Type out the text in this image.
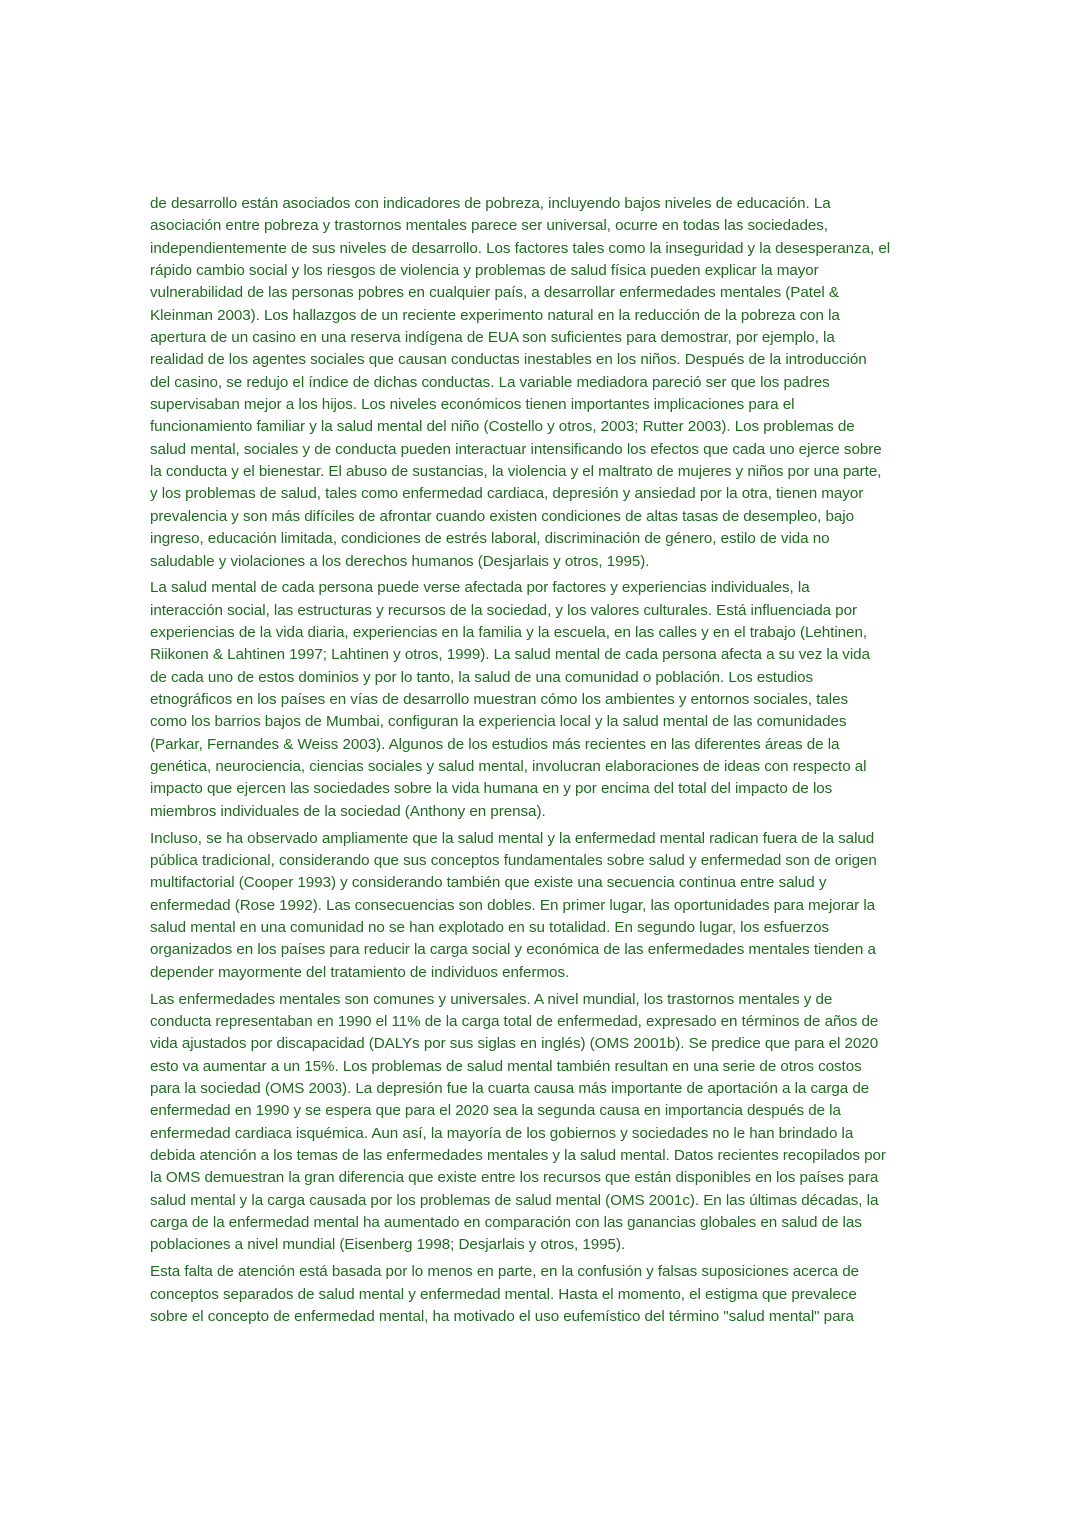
de desarrollo están asociados con indicadores de pobreza, incluyendo bajos niveles de educación. La
asociación entre pobreza y trastornos mentales parece ser universal, ocurre en todas las sociedades,
independientemente de sus niveles de desarrollo. Los factores tales como la inseguridad y la desesperanza, el
rápido cambio social y los riesgos de violencia y problemas de salud física pueden explicar la mayor
vulnerabilidad de las personas pobres en cualquier país, a desarrollar enfermedades mentales (Patel &
Kleinman 2003). Los hallazgos de un reciente experimento natural en la reducción de la pobreza con la
apertura de un casino en una reserva indígena de EUA son suficientes para demostrar, por ejemplo, la
realidad de los agentes sociales que causan conductas inestables en los niños. Después de la introducción
del casino, se redujo el índice de dichas conductas. La variable mediadora pareció ser que los padres
supervisaban mejor a los hijos. Los niveles económicos tienen importantes implicaciones para el
funcionamiento familiar y la salud mental del niño (Costello y otros, 2003; Rutter 2003). Los problemas de
salud mental, sociales y de conducta pueden interactuar intensificando los efectos que cada uno ejerce sobre
la conducta y el bienestar. El abuso de sustancias, la violencia y el maltrato de mujeres y niños por una parte,
y los problemas de salud, tales como enfermedad cardiaca, depresión y ansiedad por la otra, tienen mayor
prevalencia y son más difíciles de afrontar cuando existen condiciones de altas tasas de desempleo, bajo
ingreso, educación limitada, condiciones de estrés laboral, discriminación de género, estilo de vida no
saludable y violaciones a los derechos humanos (Desjarlais y otros, 1995).

La salud mental de cada persona puede verse afectada por factores y experiencias individuales, la
interacción social, las estructuras y recursos de la sociedad, y los valores culturales. Está influenciada por
experiencias de la vida diaria, experiencias en la familia y la escuela, en las calles y en el trabajo (Lehtinen,
Riikonen & Lahtinen 1997; Lahtinen y otros, 1999). La salud mental de cada persona afecta a su vez la vida
de cada uno de estos dominios y por lo tanto, la salud de una comunidad o población. Los estudios
etnográficos en los países en vías de desarrollo muestran cómo los ambientes y entornos sociales, tales
como los barrios bajos de Mumbai, configuran la experiencia local y la salud mental de las comunidades
(Parkar, Fernandes & Weiss 2003). Algunos de los estudios más recientes en las diferentes áreas de la
genética, neurociencia, ciencias sociales y salud mental, involucran elaboraciones de ideas con respecto al
impacto que ejercen las sociedades sobre la vida humana en y por encima del total del impacto de los
miembros individuales de la sociedad (Anthony en prensa).

Incluso, se ha observado ampliamente que la salud mental y la enfermedad mental radican fuera de la salud
pública tradicional, considerando que sus conceptos fundamentales sobre salud y enfermedad son de origen
multifactorial (Cooper 1993) y considerando también que existe una secuencia continua entre salud y
enfermedad (Rose 1992). Las consecuencias son dobles. En primer lugar, las oportunidades para mejorar la
salud mental en una comunidad no se han explotado en su totalidad. En segundo lugar, los esfuerzos
organizados en los países para reducir la carga social y económica de las enfermedades mentales tienden a
depender mayormente del tratamiento de individuos enfermos.

Las enfermedades mentales son comunes y universales. A nivel mundial, los trastornos mentales y de
conducta representaban en 1990 el 11% de la carga total de enfermedad, expresado en términos de años de
vida ajustados por discapacidad (DALYs por sus siglas en inglés) (OMS 2001b). Se predice que para el 2020
esto va aumentar a un 15%. Los problemas de salud mental también resultan en una serie de otros costos
para la sociedad (OMS 2003). La depresión fue la cuarta causa más importante de aportación a la carga de
enfermedad en 1990 y se espera que para el 2020 sea la segunda causa en importancia después de la
enfermedad cardiaca isquémica. Aun así, la mayoría de los gobiernos y sociedades no le han brindado la
debida atención a los temas de las enfermedades mentales y la salud mental. Datos recientes recopilados por
la OMS demuestran la gran diferencia que existe entre los recursos que están disponibles en los países para
salud mental y la carga causada por los problemas de salud mental (OMS 2001c). En las últimas décadas, la
carga de la enfermedad mental ha aumentado en comparación con las ganancias globales en salud de las
poblaciones a nivel mundial (Eisenberg 1998; Desjarlais y otros, 1995).

Esta falta de atención está basada por lo menos en parte, en la confusión y falsas suposiciones acerca de
conceptos separados de salud mental y enfermedad mental. Hasta el momento, el estigma que prevalece
sobre el concepto de enfermedad mental, ha motivado el uso eufemístico del término "salud mental" para
